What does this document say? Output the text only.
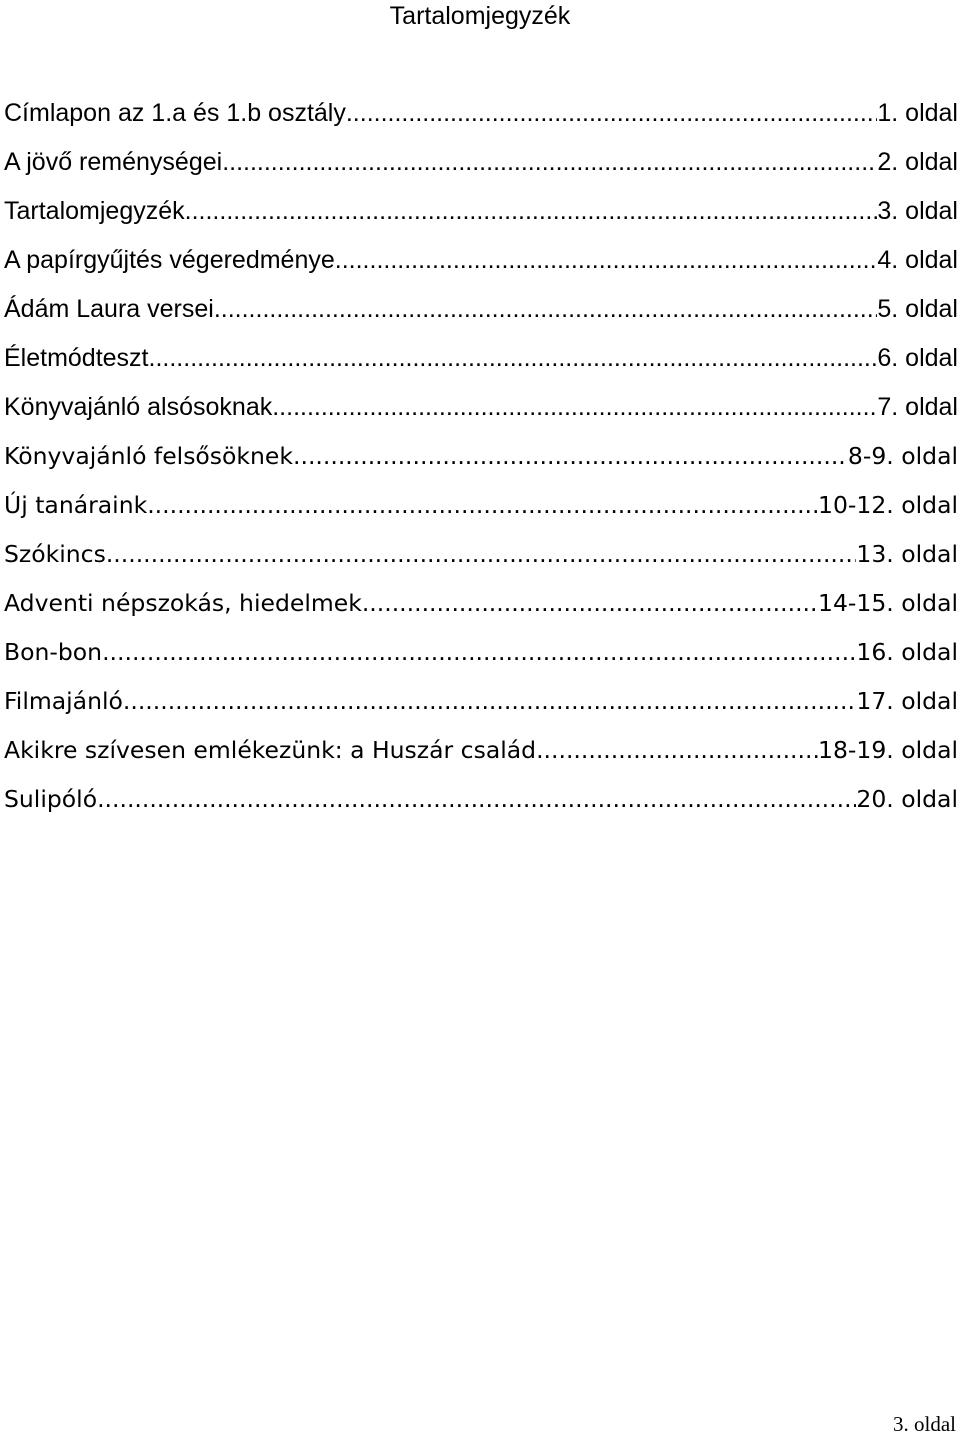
Tartalomjegyzék
Címlapon az 1.a és 1.b osztály	1. oldal
.....
A jövő reménységei	2. oldal
.....
Tartalomjegyzék	3. oldal
.....
A papírgyűjtés végeredménye	4. oldal
.....
Ádám Laura versei	5. oldal
.....
Életmódteszt	6. oldal
.....
Könyvajánló alsósoknak	7. oldal
.....
Könyvajánló felsősöknek	8-9. oldal
.....
Új tanáraink	10-12. oldal
.....
Szókincs	13. oldal
.....
Adventi népszokás, hiedelmek	14-15. oldal
.....
Bon-bon	16. oldal
.....
Filmajánló	17. oldal
.....
Akikre szívesen emlékezünk: a Huszár család	18-19. oldal
.....
Sulipóló	20. oldal
.....
3. oldal
